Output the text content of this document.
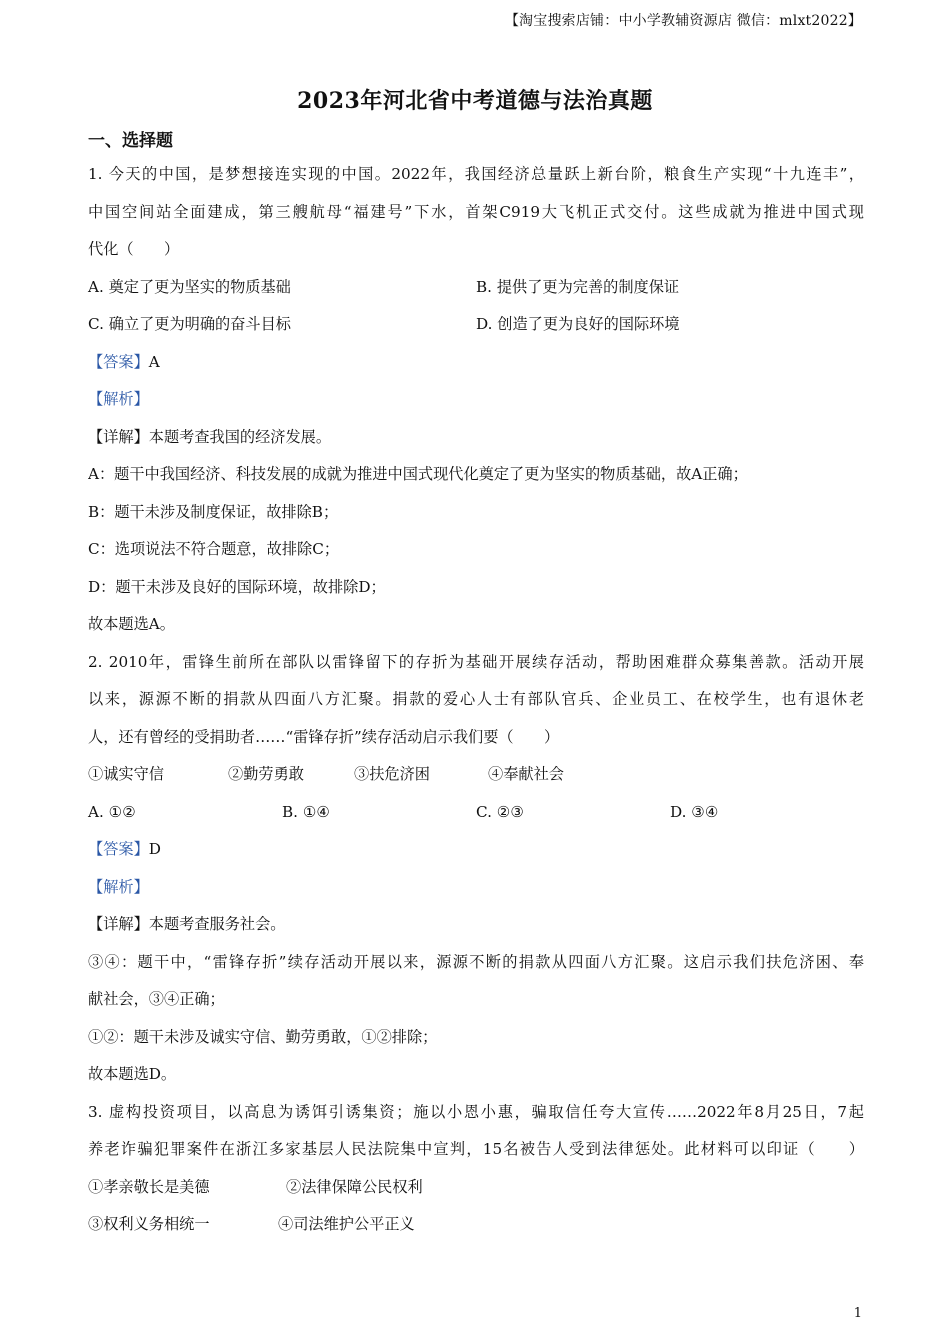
【淘宝搜索店铺：中小学教辅资源店 微信：mlxt2022】
2023年河北省中考道德与法治真题
一、选择题
1. 今天的中国，是梦想接连实现的中国。2022年，我国经济总量跃上新台阶，粮食生产实现“十九连丰”，
中国空间站全面建成，第三艘航母“福建号”下水，首架C919大飞机正式交付。这些成就为推进中国式现
代化（　　）
A. 奠定了更为坚实的物质基础	B. 提供了更为完善的制度保证
C. 确立了更为明确的奋斗目标	D. 创造了更为良好的国际环境
【答案】A
【解析】
【详解】本题考查我国的经济发展。
A：题干中我国经济、科技发展的成就为推进中国式现代化奠定了更为坚实的物质基础，故A正确；
B：题干未涉及制度保证，故排除B；
C：选项说法不符合题意，故排除C；
D：题干未涉及良好的国际环境，故排除D；
故本题选A。
2. 2010年，雷锋生前所在部队以雷锋留下的存折为基础开展续存活动，帮助困难群众募集善款。活动开展
以来，源源不断的捐款从四面八方汇聚。捐款的爱心人士有部队官兵、企业员工、在校学生，也有退休老
人，还有曾经的受捐助者……“雷锋存折”续存活动启示我们要（　　）
①诚实守信	②勤劳勇敢	③扶危济困	④奉献社会
A. ①②	B. ①④	C. ②③	D. ③④
【答案】D
【解析】
【详解】本题考查服务社会。
③④：题干中，“雷锋存折”续存活动开展以来，源源不断的捐款从四面八方汇聚。这启示我们扶危济困、奉
献社会，③④正确；
①②：题干未涉及诚实守信、勤劳勇敢，①②排除；
故本题选D。
3. 虚构投资项目，以高息为诱饵引诱集资；施以小恩小惠，骗取信任夸大宣传……2022年8月25日，7起
养老诈骗犯罪案件在浙江多家基层人民法院集中宣判，15名被告人受到法律惩处。此材料可以印证（　　）
①孝亲敬长是美德	②法律保障公民权利
③权利义务相统一	④司法维护公平正义
1
